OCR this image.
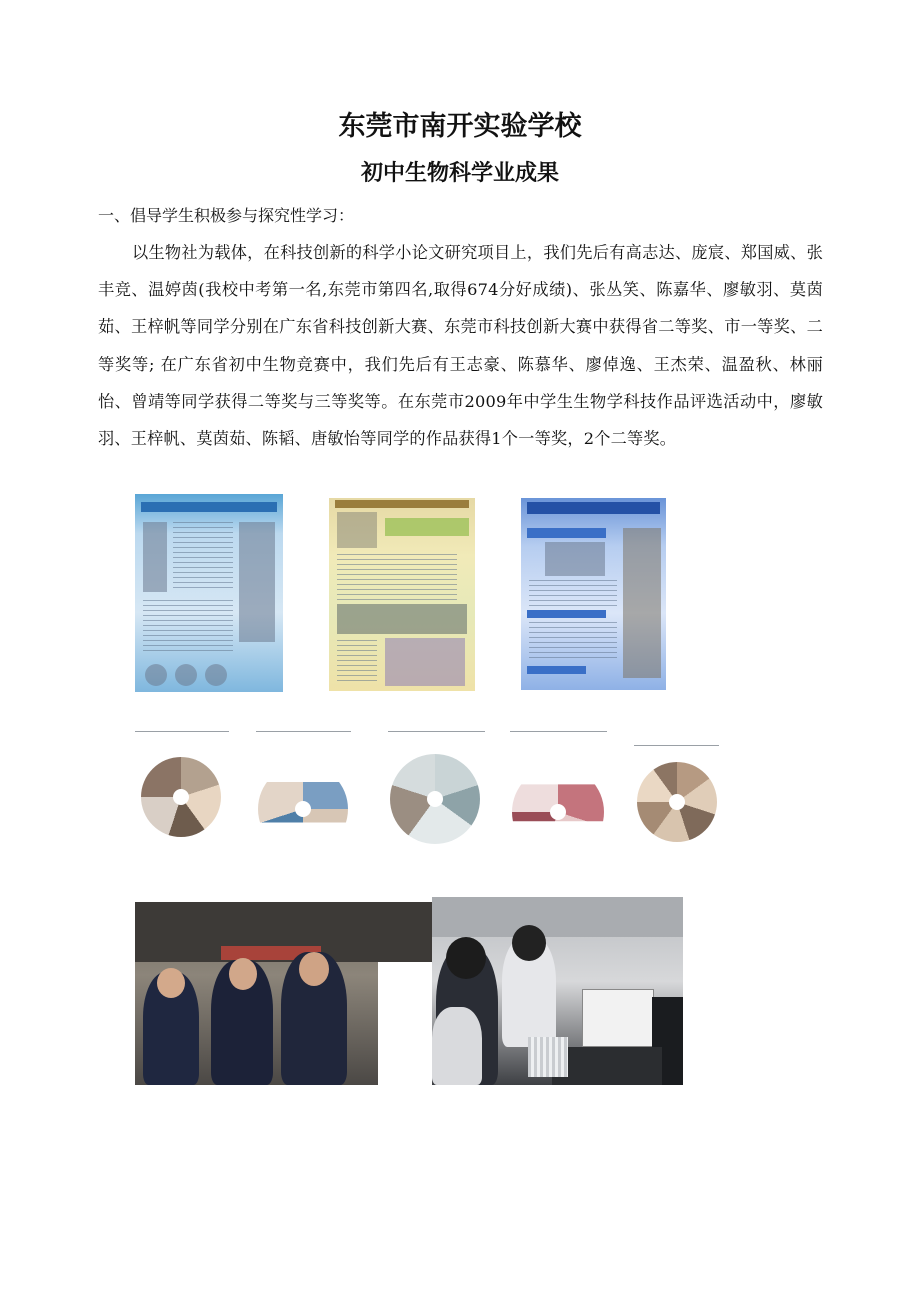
东莞市南开实验学校
初中生物科学业成果
一、倡导学生积极参与探究性学习：
以生物社为载体，在科技创新的科学小论文研究项目上，我们先后有高志达、庞宸、郑国威、张丰竞、温婷茵(我校中考第一名,东莞市第四名,取得674分好成绩)、张丛笑、陈嘉华、廖敏羽、莫茵茹、王梓帆等同学分别在广东省科技创新大赛、东莞市科技创新大赛中获得省二等奖、市一等奖、二等奖等; 在广东省初中生物竞赛中，我们先后有王志豪、陈慕华、廖倬逸、王杰荣、温盈秋、林丽怡、曾靖等同学获得二等奖与三等奖等。在东莞市2009年中学生生物学科技作品评选活动中，廖敏羽、王梓帆、莫茵茹、陈韬、唐敏怡等同学的作品获得1个一等奖，2个二等奖。
